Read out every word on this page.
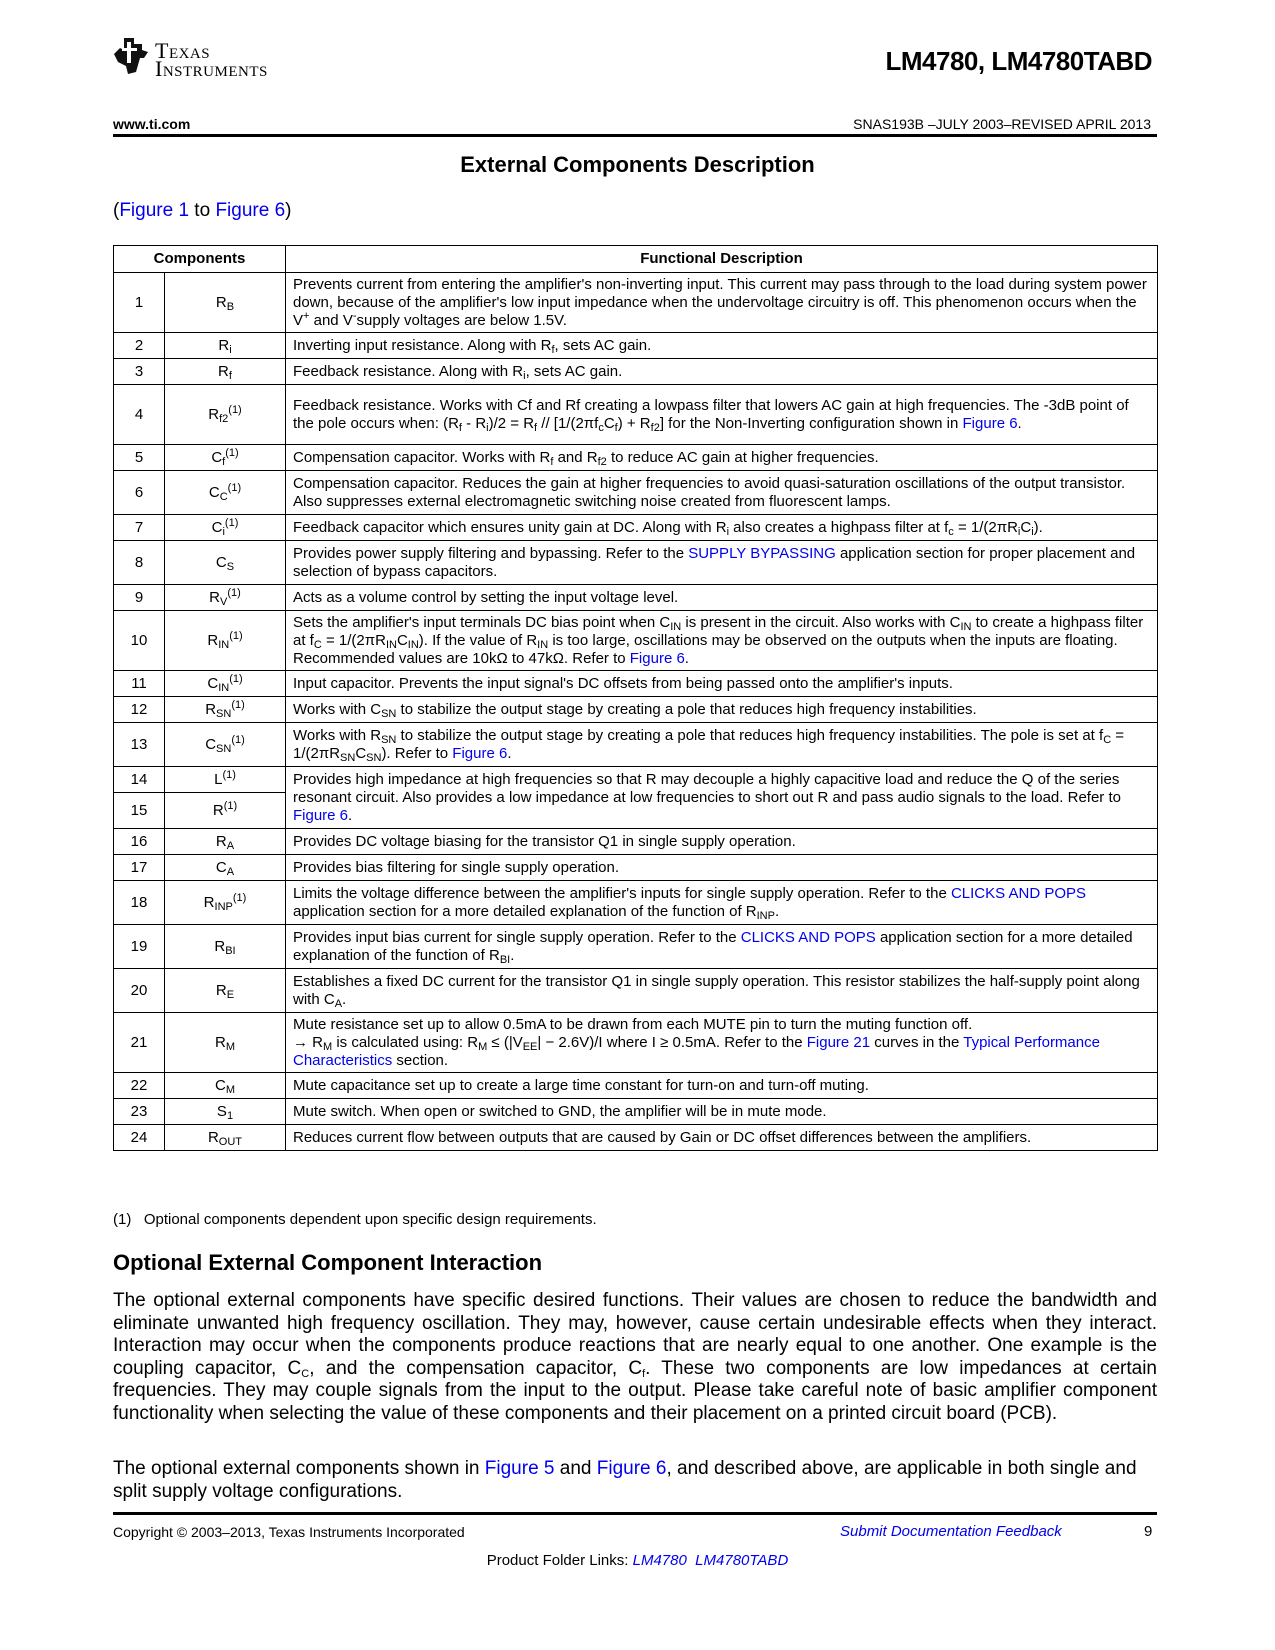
Texas
Instruments	LM4780, LM4780TABD
www.ti.com	SNAS193B –JULY 2003–REVISED APRIL 2013
External Components Description
(Figure 1 to Figure 6)
Components		Functional Description
1	$R_B$	Prevents current from entering the amplifier's non-inverting input. This current may pass through to the load during system power down, because of the amplifier's low input impedance when the undervoltage circuitry is off. This phenomenon occurs when the V+ and V-supply voltages are below 1.5V.
2	$R_i$	Inverting input resistance. Along with $R_f$, sets AC gain.
3	$R_f$	Feedback resistance. Along with $R_i$, sets AC gain.
4	$R_{f2}^{(1)}$	Feedback resistance. Works with Cf and Rf creating a lowpass filter that lowers AC gain at high frequencies. The -3dB point of the pole occurs when: $(R_f - R_i)/2 = R_f // [1/(2\pi f_cC_f) + R_{f2}]$ for the Non-Inverting configuration shown in Figure 6.
5	$C_f^{(1)}$	Compensation capacitor. Works with $R_f$ and $R_{f2}$ to reduce AC gain at higher frequencies.
6	$C_C^{(1)}$	Compensation capacitor. Reduces the gain at higher frequencies to avoid quasi-saturation oscillations of the output transistor. Also suppresses external electromagnetic switching noise created from fluorescent lamps.
7	$C_i^{(1)}$	Feedback capacitor which ensures unity gain at DC. Along with $R_i$ also creates a highpass filter at $f_c = 1/(2\pi R_iC_i)$.
8	$C_S$	Provides power supply filtering and bypassing. Refer to the SUPPLY BYPASSING application section for proper placement and selection of bypass capacitors.
9	$R_V^{(1)}$	Acts as a volume control by setting the input voltage level.
10	$R_{IN}^{(1)}$	Sets the amplifier's input terminals DC bias point when $C_{IN}$ is present in the circuit. Also works with $C_{IN}$ to create a highpass filter at $f_C = 1/(2\pi R_{IN}C_{IN})$. If the value of $R_{IN}$ is too large, oscillations may be observed on the outputs when the inputs are floating. Recommended values are 10kΩ to 47kΩ. Refer to Figure 6.
11	$C_{IN}^{(1)}$	Input capacitor. Prevents the input signal's DC offsets from being passed onto the amplifier's inputs.
12	$R_{SN}^{(1)}$	Works with $C_{SN}$ to stabilize the output stage by creating a pole that reduces high frequency instabilities.
13	$C_{SN}^{(1)}$	Works with $R_{SN}$ to stabilize the output stage by creating a pole that reduces high frequency instabilities. The pole is set at $f_C = 1/(2\pi R_{SN}C_{SN})$. Refer to Figure 6.
14	$L^{(1)}$	Provides high impedance at high frequencies so that R may decouple a highly capacitive load and reduce the Q of the series resonant circuit. Also provides a low impedance at low frequencies to short out R and pass audio signals to the load. Refer to Figure 6.
15	$R^{(1)}$
16	$R_A$	Provides DC voltage biasing for the transistor Q1 in single supply operation.
17	$C_A$	Provides bias filtering for single supply operation.
18	$R_{INP}^{(1)}$	Limits the voltage difference between the amplifier's inputs for single supply operation. Refer to the CLICKS AND POPS application section for a more detailed explanation of the function of $R_{INP}$.
19	$R_{BI}$	Provides input bias current for single supply operation. Refer to the CLICKS AND POPS application section for a more detailed explanation of the function of $R_{BI}$.
20	$R_E$	Establishes a fixed DC current for the transistor Q1 in single supply operation. This resistor stabilizes the half-supply point along with $C_A$.
21	$R_M$	Mute resistance set up to allow 0.5mA to be drawn from each MUTE pin to turn the muting function off.
→ $R_M$ is calculated using: $R_M \le (|V_{EE}| - 2.6V)/I$ where I ≥ 0.5mA. Refer to the Figure 21 curves in the Typical Performance Characteristics section.
22	$C_M$	Mute capacitance set up to create a large time constant for turn-on and turn-off muting.
23	$S_1$	Mute switch. When open or switched to GND, the amplifier will be in mute mode.
24	$R_{OUT}$	Reduces current flow between outputs that are caused by Gain or DC offset differences between the amplifiers.
(1)   Optional components dependent upon specific design requirements.
Optional External Component Interaction
The optional external components have specific desired functions. Their values are chosen to reduce the bandwidth and eliminate unwanted high frequency oscillation. They may, however, cause certain undesirable effects when they interact. Interaction may occur when the components produce reactions that are nearly equal to one another. One example is the coupling capacitor, $C_C$, and the compensation capacitor, $C_f$. These two components are low impedances at certain frequencies. They may couple signals from the input to the output. Please take careful note of basic amplifier component functionality when selecting the value of these components and their placement on a printed circuit board (PCB).
The optional external components shown in Figure 5 and Figure 6, and described above, are applicable in both single and split supply voltage configurations.
Copyright © 2003–2013, Texas Instruments Incorporated	Submit Documentation Feedback	9
Product Folder Links: LM4780 LM4780TABD
